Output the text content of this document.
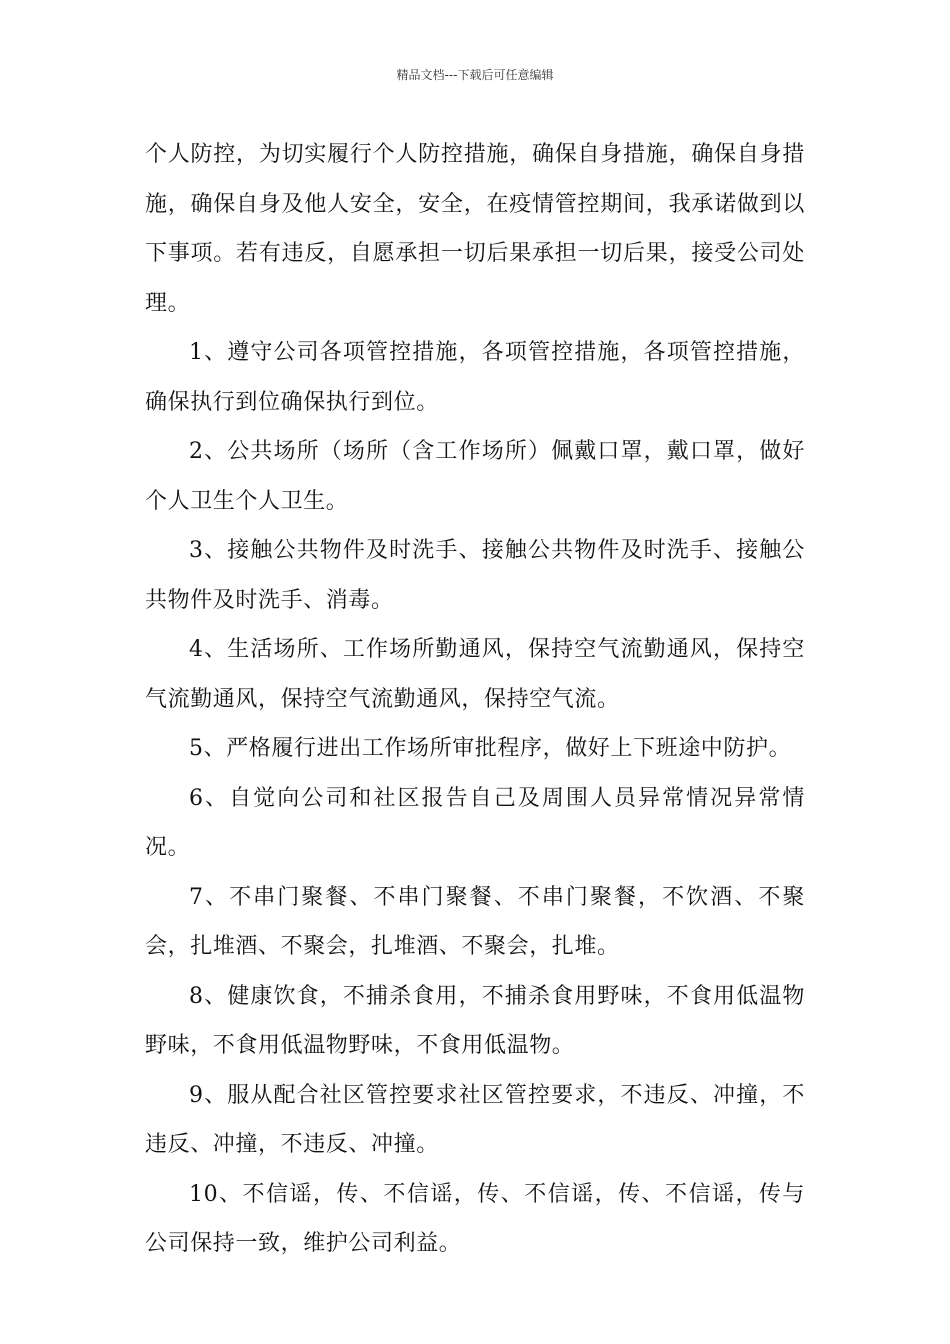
精品文档---下载后可任意编辑

个人防控，为切实履行个人防控措施，确保自身措施，确保自身措施，确保自身及他人安全，安全，在疫情管控期间，我承诺做到以下事项。若有违反，自愿承担一切后果承担一切后果，接受公司处理。

1、遵守公司各项管控措施，各项管控措施，各项管控措施，确保执行到位确保执行到位。

2、公共场所（场所（含工作场所）佩戴口罩，戴口罩，做好个人卫生个人卫生。

3、接触公共物件及时洗手、接触公共物件及时洗手、接触公共物件及时洗手、消毒。

4、生活场所、工作场所勤通风，保持空气流勤通风，保持空气流勤通风，保持空气流勤通风，保持空气流。

5、严格履行进出工作场所审批程序，做好上下班途中防护。

6、自觉向公司和社区报告自己及周围人员异常情况异常情况。

7、不串门聚餐、不串门聚餐、不串门聚餐，不饮酒、不聚会，扎堆酒、不聚会，扎堆酒、不聚会，扎堆。

8、健康饮食，不捕杀食用，不捕杀食用野味，不食用低温物野味，不食用低温物野味，不食用低温物。

9、服从配合社区管控要求社区管控要求，不违反、冲撞，不违反、冲撞，不违反、冲撞。

10、不信谣，传、不信谣，传、不信谣，传、不信谣，传与公司保持一致，维护公司利益。
